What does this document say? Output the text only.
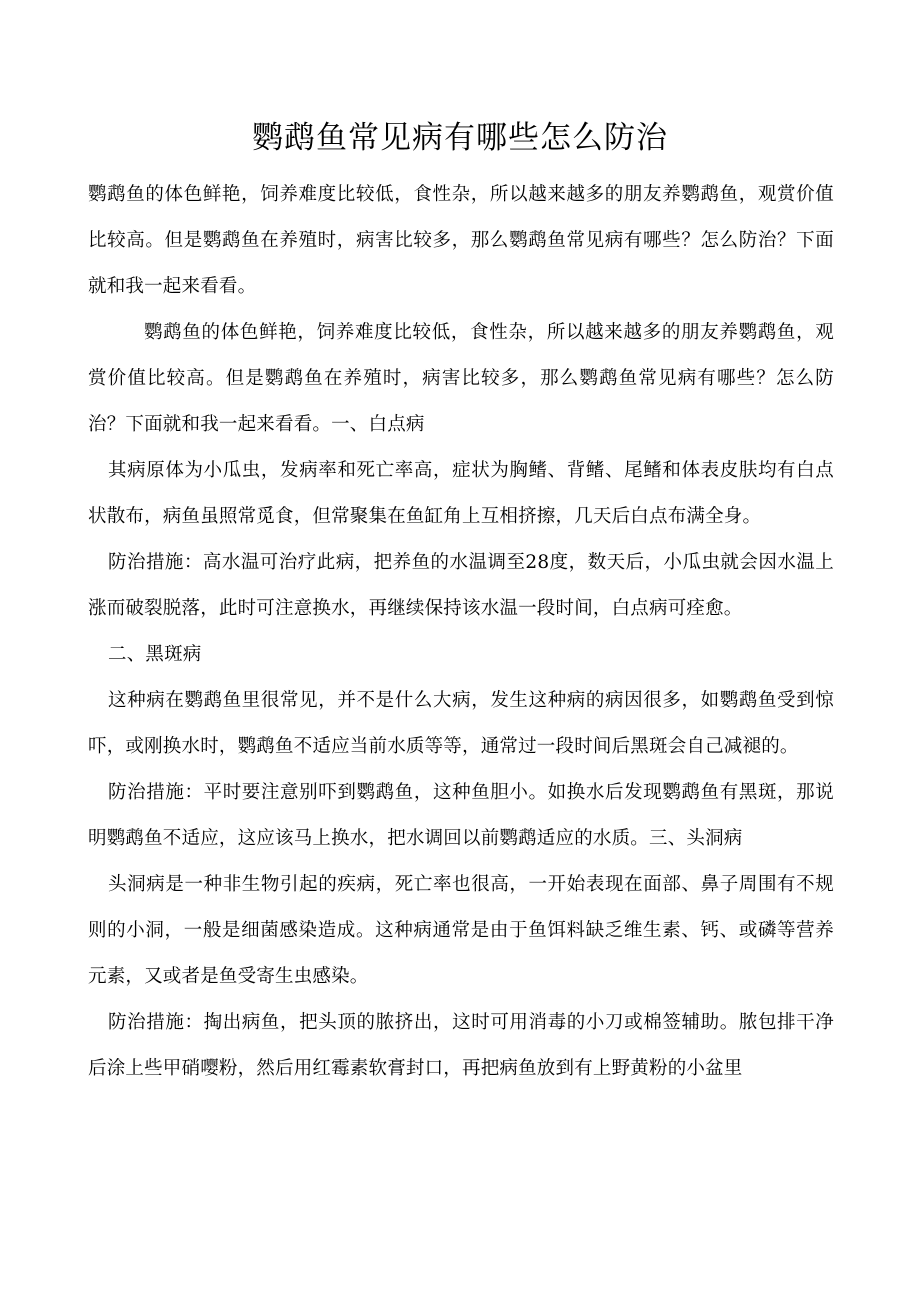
鹦鹉鱼常见病有哪些怎么防治

鹦鹉鱼的体色鲜艳，饲养难度比较低，食性杂，所以越来越多的朋友养鹦鹉鱼，观赏价值比较高。但是鹦鹉鱼在养殖时，病害比较多，那么鹦鹉鱼常见病有哪些？怎么防治？下面就和我一起来看看。

鹦鹉鱼的体色鲜艳，饲养难度比较低，食性杂，所以越来越多的朋友养鹦鹉鱼，观赏价值比较高。但是鹦鹉鱼在养殖时，病害比较多，那么鹦鹉鱼常见病有哪些？怎么防治？下面就和我一起来看看。一、白点病

其病原体为小瓜虫，发病率和死亡率高，症状为胸鳍、背鳍、尾鳍和体表皮肤均有白点状散布，病鱼虽照常觅食，但常聚集在鱼缸角上互相挤擦，几天后白点布满全身。

防治措施：高水温可治疗此病，把养鱼的水温调至28度，数天后，小瓜虫就会因水温上涨而破裂脱落，此时可注意换水，再继续保持该水温一段时间，白点病可痊愈。

二、黑斑病

这种病在鹦鹉鱼里很常见，并不是什么大病，发生这种病的病因很多，如鹦鹉鱼受到惊吓，或刚换水时，鹦鹉鱼不适应当前水质等等，通常过一段时间后黑斑会自己减褪的。

防治措施：平时要注意别吓到鹦鹉鱼，这种鱼胆小。如换水后发现鹦鹉鱼有黑斑，那说明鹦鹉鱼不适应，这应该马上换水，把水调回以前鹦鹉适应的水质。三、头洞病

头洞病是一种非生物引起的疾病，死亡率也很高，一开始表现在面部、鼻子周围有不规则的小洞，一般是细菌感染造成。这种病通常是由于鱼饵料缺乏维生素、钙、或磷等营养元素，又或者是鱼受寄生虫感染。

防治措施：掏出病鱼，把头顶的脓挤出，这时可用消毒的小刀或棉签辅助。脓包排干净后涂上些甲硝嘤粉，然后用红霉素软膏封口，再把病鱼放到有上野黄粉的小盆里
